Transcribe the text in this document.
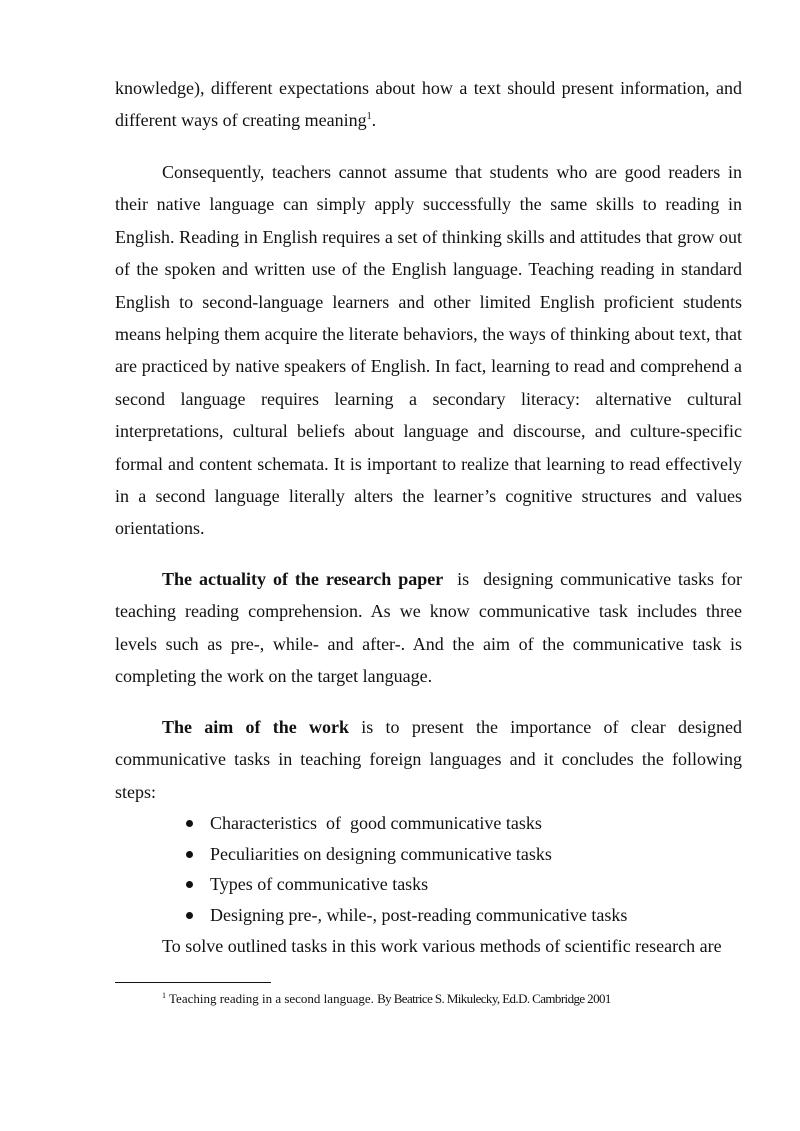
knowledge), different expectations about how a text should present information, and different ways of creating meaning$^1$.

Consequently, teachers cannot assume that students who are good readers in their native language can simply apply successfully the same skills to reading in English. Reading in English requires a set of thinking skills and attitudes that grow out of the spoken and written use of the English language. Teaching reading in standard English to second-language learners and other limited English proficient students means helping them acquire the literate behaviors, the ways of thinking about text, that are practiced by native speakers of English. In fact, learning to read and comprehend a second language requires learning a secondary literacy: alternative cultural interpretations, cultural beliefs about language and discourse, and culture-specific formal and content schemata. It is important to realize that learning to read effectively in a second language literally alters the learner’s cognitive structures and values orientations.

The actuality of the research paper  is  designing communicative tasks for teaching reading comprehension. As we know communicative task includes three levels such as pre-, while- and after-. And the aim of the communicative task is completing the work on the target language.

The aim of the work is to present the importance of clear designed communicative tasks in teaching foreign languages and it concludes the following steps:

Characteristics  of  good communicative tasks
Peculiarities on designing communicative tasks
Types of communicative tasks
Designing pre-, while-, post-reading communicative tasks

To solve outlined tasks in this work various methods of scientific research are

$^1$ Teaching reading in a second language. By Beatrice S. Mikulecky, Ed.D. Cambridge 2001
